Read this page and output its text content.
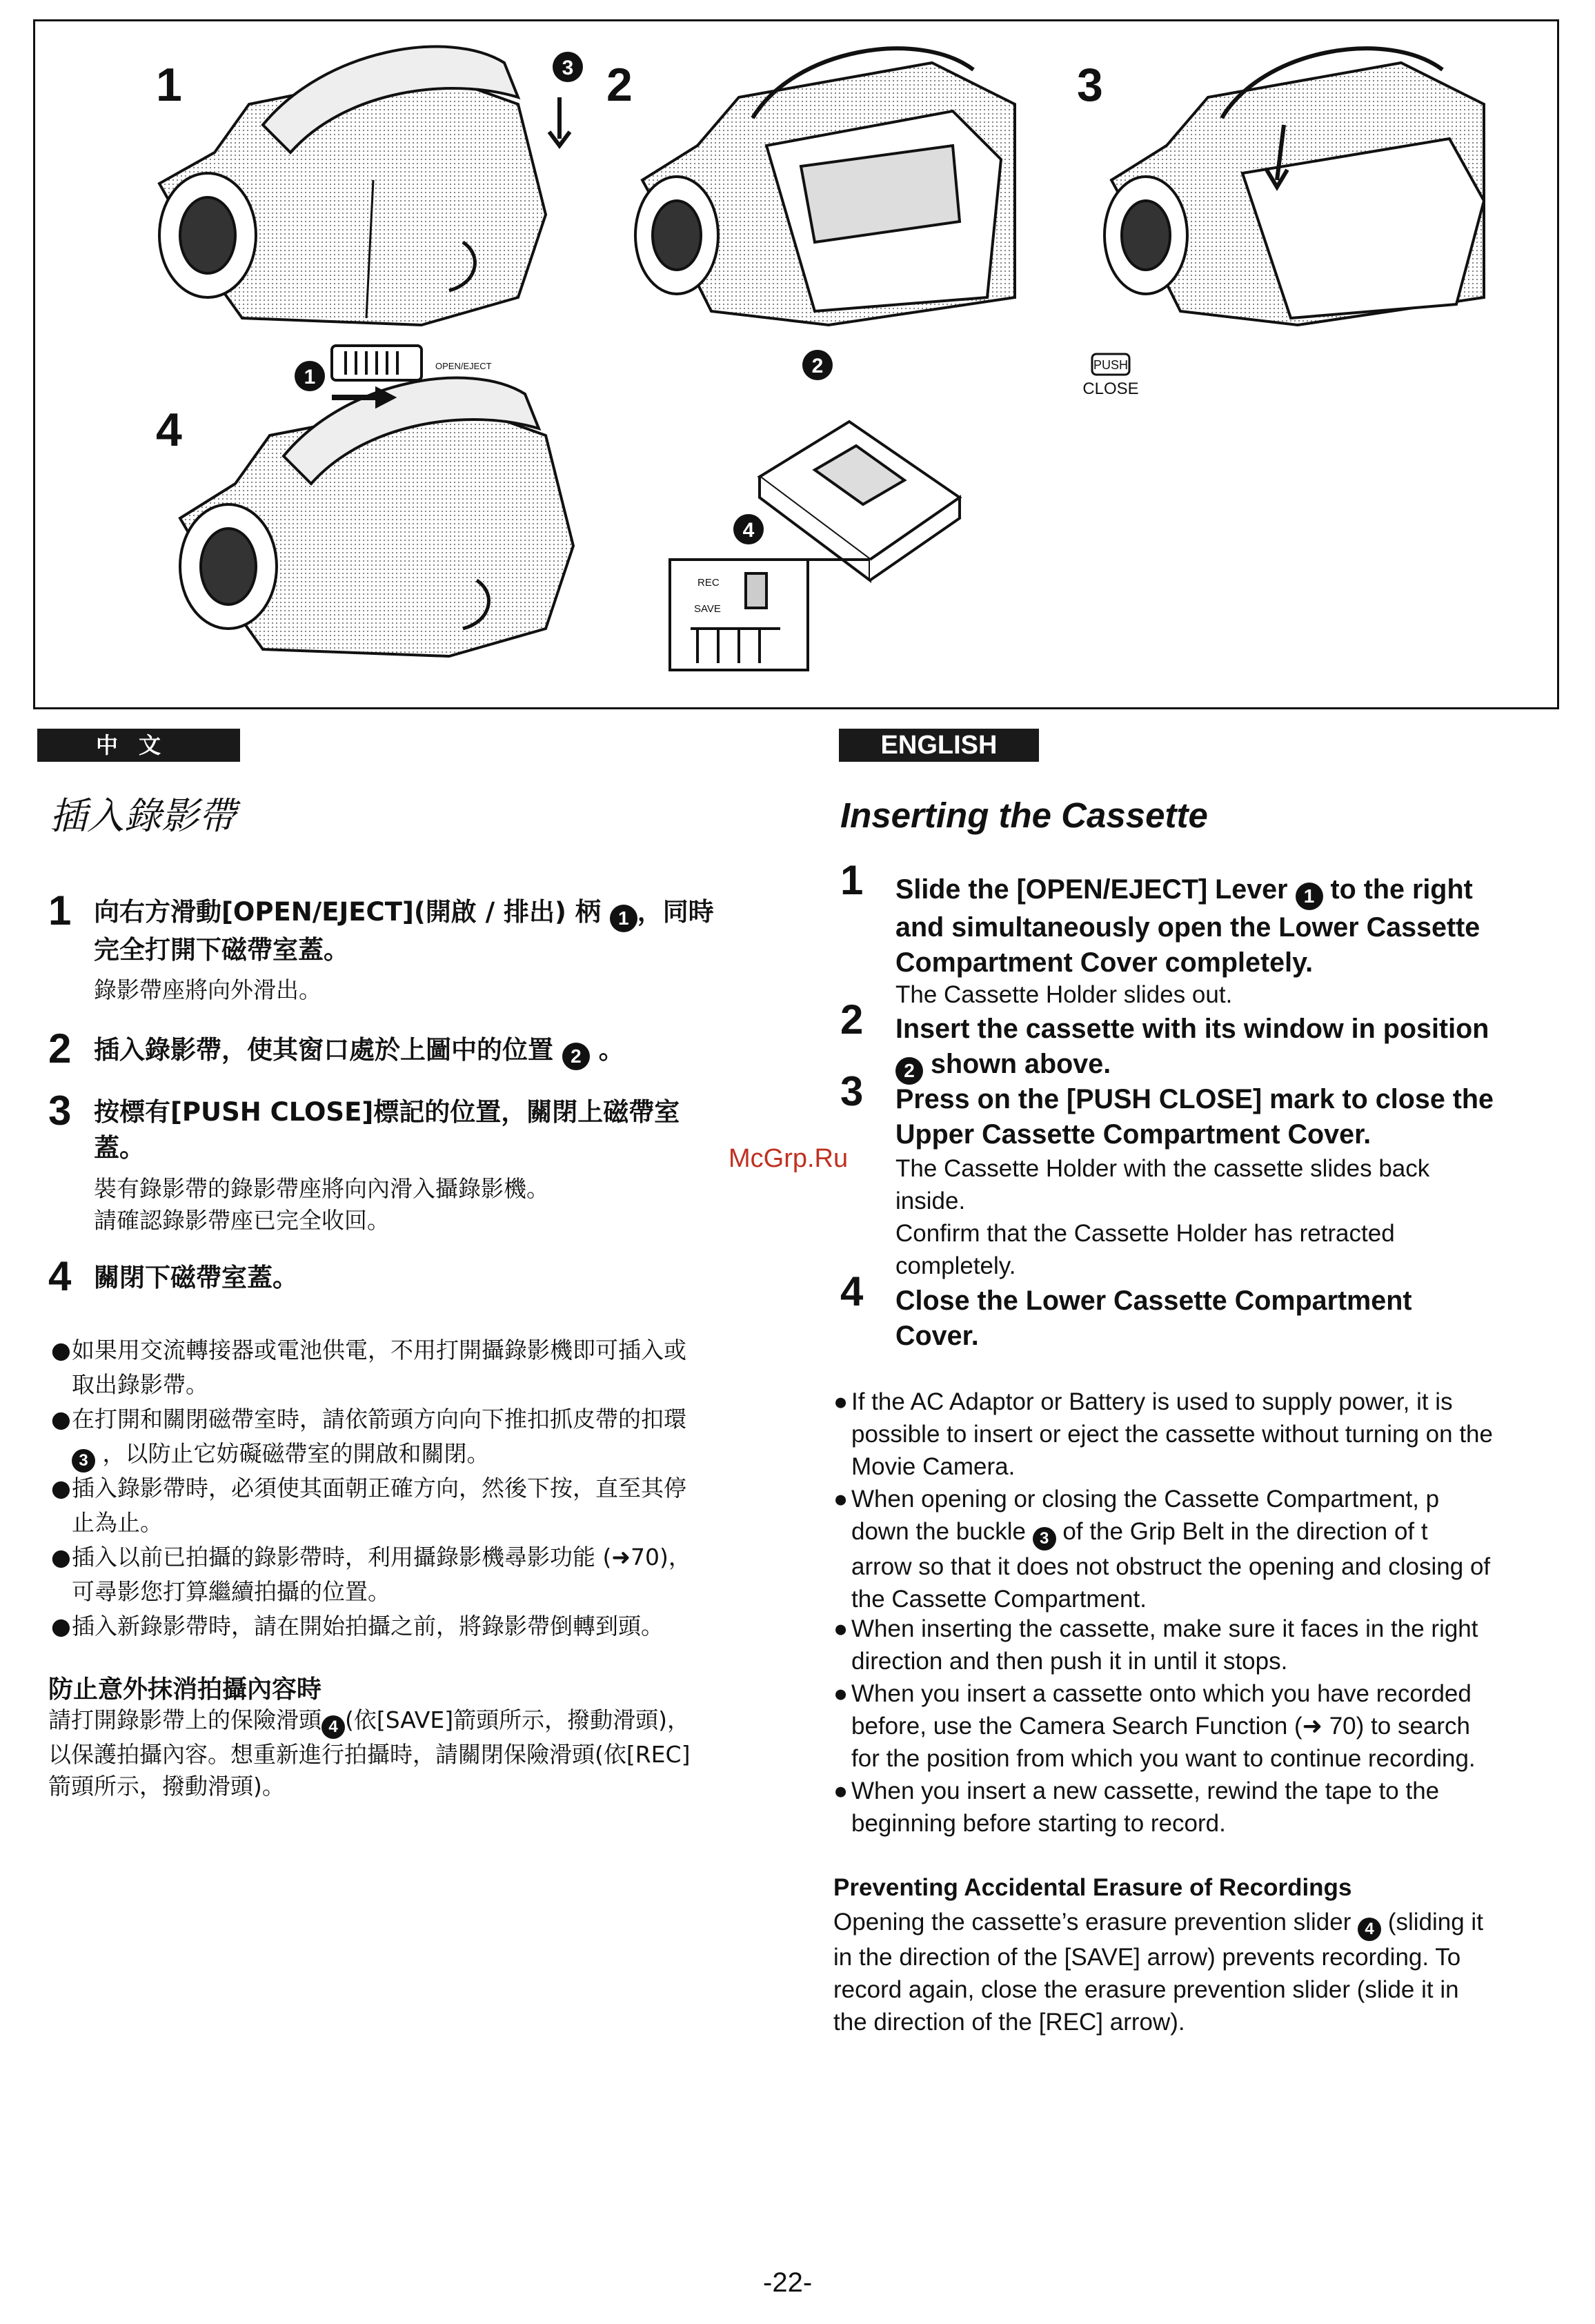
1	2	3
4
1	2
3
4
OPEN/EJECT	PUSH
CLOSE
REC
SAVE
中文
插入錄影帶
1 向右方滑動[OPEN/EJECT](開啟 / 排出) 柄 1 ，同時
完全打開下磁帶室蓋。
錄影帶座將向外滑出。
2 插入錄影帶，使其窗口處於上圖中的位置 2 。
3 按標有[PUSH CLOSE]標記的位置，關閉上磁帶室
蓋。
裝有錄影帶的錄影帶座將向內滑入攝錄影機。
請確認錄影帶座已完全收回。
4 關閉下磁帶室蓋。
● 如果用交流轉接器或電池供電，不用打開攝錄影機即可插入或
取出錄影帶。
● 在打開和關閉磁帶室時，請依箭頭方向向下推扣抓皮帶的扣環
3 ，以防止它妨礙磁帶室的開啟和關閉。
● 插入錄影帶時，必須使其面朝正確方向，然後下按，直至其停
止為止。
● 插入以前已拍攝的錄影帶時，利用攝錄影機尋影功能 (➜70)，
可尋影您打算繼續拍攝的位置。
● 插入新錄影帶時，請在開始拍攝之前，將錄影帶倒轉到頭。
防止意外抹消拍攝內容時
請打開錄影帶上的保險滑頭 4 (依[SAVE]箭頭所示，撥動滑頭)，
以保護拍攝內容。想重新進行拍攝時，請關閉保險滑頭(依[REC]
箭頭所示，撥動滑頭)。
McGrp.Ru
ENGLISH
Inserting the Cassette
1 Slide the [OPEN/EJECT] Lever 1 to the right
and simultaneously open the Lower Cassette
Compartment Cover completely.
The Cassette Holder slides out.
2 Insert the cassette with its window in position
2 shown above.
3 Press on the [PUSH CLOSE] mark to close the
Upper Cassette Compartment Cover.
The Cassette Holder with the cassette slides back
inside.
Confirm that the Cassette Holder has retracted
completely.
4 Close the Lower Cassette Compartment
Cover.
● If the AC Adaptor or Battery is used to supply power, it is
possible to insert or eject the cassette without turning on the
Movie Camera.
● When opening or closing the Cassette Compartment, p
down the buckle 3 of the Grip Belt in the direction of t
arrow so that it does not obstruct the opening and closing of
the Cassette Compartment.
● When inserting the cassette, make sure it faces in the right
direction and then push it in until it stops.
● When you insert a cassette onto which you have recorded
before, use the Camera Search Function (➜ 70) to search
for the position from which you want to continue recording.
● When you insert a new cassette, rewind the tape to the
beginning before starting to record.
Preventing Accidental Erasure of Recordings
Opening the cassette’s erasure prevention slider 4 (sliding it
in the direction of the [SAVE] arrow) prevents recording. To
record again, close the erasure prevention slider (slide it in
the direction of the [REC] arrow).
-22-
